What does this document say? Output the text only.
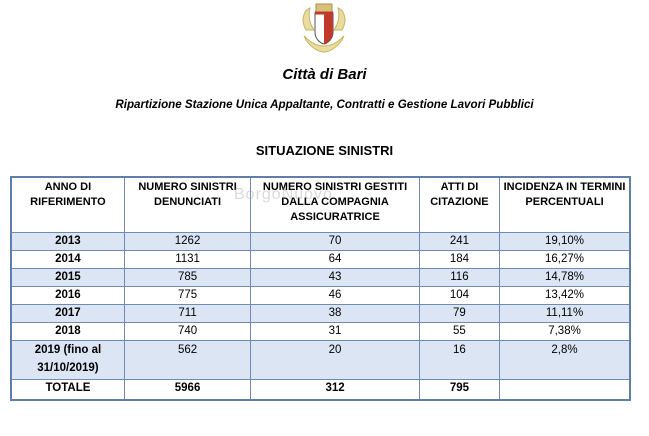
Città di Bari
Ripartizione Stazione Unica Appaltante, Contratti e Gestione Lavori Pubblici
SITUAZIONE SINISTRI
ANNO DI RIFERIMENTO	NUMERO SINISTRI DENUNCIATI	NUMERO SINISTRI GESTITI DALLA COMPAGNIA ASSICURATRICE	ATTI DI CITAZIONE	INCIDENZA IN TERMINI PERCENTUALI
2013	1262	70	241	19,10%
2014	1131	64	184	16,27%
2015	785	43	116	14,78%
2016	775	46	104	13,42%
2017	711	38	79	11,11%
2018	740	31	55	7,38%
2019 (fino al 31/10/2019)	562	20	16	2,8%
TOTALE	5966	312	795	
BorgoNuovo
